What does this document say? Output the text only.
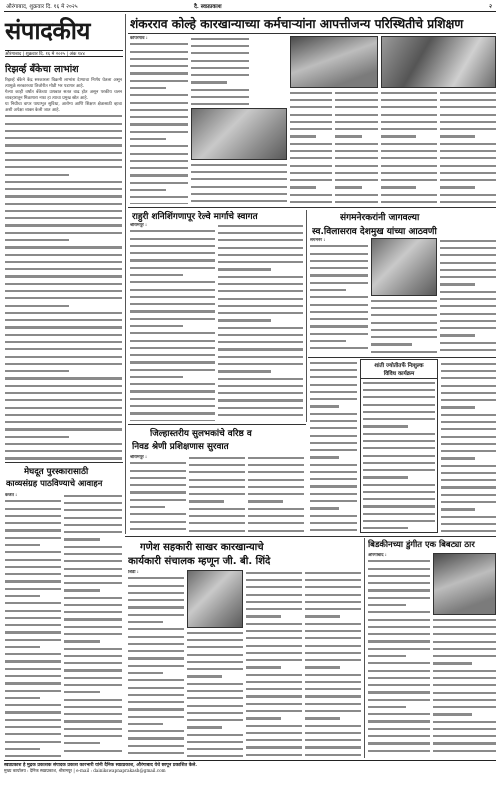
औरंगाबाद, शुक्रवार दि. १६ मे २०२५	दै. स्वप्नप्रकाश	२
संपादकीय
औरंगाबाद | शुक्रवार दि. १६ मे २०२५ | अंक १४४
रिझर्व्ह बँकेचा लाभांश

रिझर्व्ह बँकेने केंद्र सरकारला विक्रमी लाभांश देण्याचा निर्णय घेतला असून त्यामुळे सरकारच्या तिजोरीत मोठी भर पडणार आहे.

गेल्या काही वर्षांत बँकेच्या उत्पन्नात सतत वाढ होत असून परकीय चलन व्यवहारातून मिळणारा नफा हा त्याचा प्रमुख स्रोत आहे.

या निधीचा वापर पायाभूत सुविधा, आरोग्य आणि शिक्षण क्षेत्रासाठी व्हावा अशी अपेक्षा व्यक्त केली जात आहे.

शंकरराव कोल्हे कारखान्याच्या कर्मचाऱ्यांना आपत्तीजन्य परिस्थितीचे प्रशिक्षण
कोपरगाव :
राहुरी शनिशिंगणापूर रेल्वे मार्गाचे स्वागत
श्रीरामपूर :
संगमनेरकरांनी जागवल्या
स्व.विलासराव देशमुख यांच्या आठवणी
संगमनेर :
जिल्हास्तरीय सुलभकांचे वरिष्ठ व
निवड श्रेणी प्रशिक्षणास सुरवात
श्रीरामपूर :
शांती ज्योतीतर्फे निःशुल्क
विविध कार्यक्रम
मेघदूत पुरस्कारासाठी
काव्यसंग्रह पाठविण्याचे आवाहन
कर्जत :
गणेश सहकारी साखर कारखान्याचे
कार्यकारी संचालक म्हणून जी. बी. शिंदे
शिर्डी :
बिडकीनच्या डुंगीत एक बिबट्या ठार
औरंगाबाद :
स्वप्नप्रकाश हे मुद्रक प्रकाशक संपादक प्रकाश कारभारी यांनी दैनिक स्वप्नप्रकाश, औरंगाबाद येथे छापून प्रकाशित केले.
मुख्य कार्यालय : दैनिक स्वप्नप्रकाश, श्रीरामपूर | e-mail : dainikswapnaprakash@gmail.com
